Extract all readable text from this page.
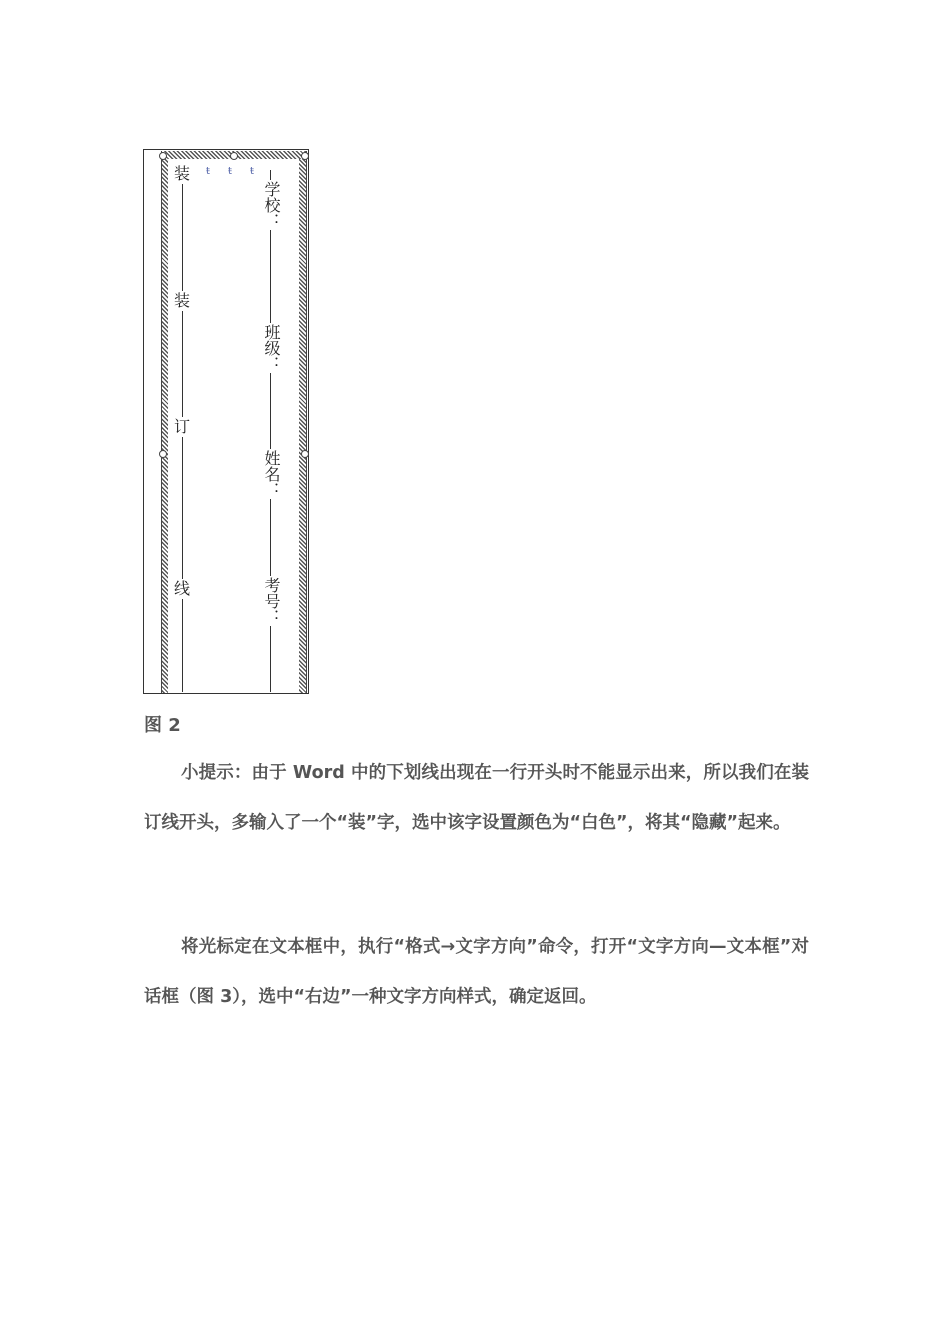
ŧ ŧ ŧ
装
装
订
线
学校：
班级：
姓名：
考号：

图 2

小提示：由于 Word 中的下划线出现在一行开头时不能显示出来，所以我们在装订线开头，多输入了一个“装”字，选中该字设置颜色为“白色”，将其“隐藏”起来。

将光标定在文本框中，执行“格式→文字方向”命令，打开“文字方向—文本框”对话框（图 3），选中“右边”一种文字方向样式，确定返回。
